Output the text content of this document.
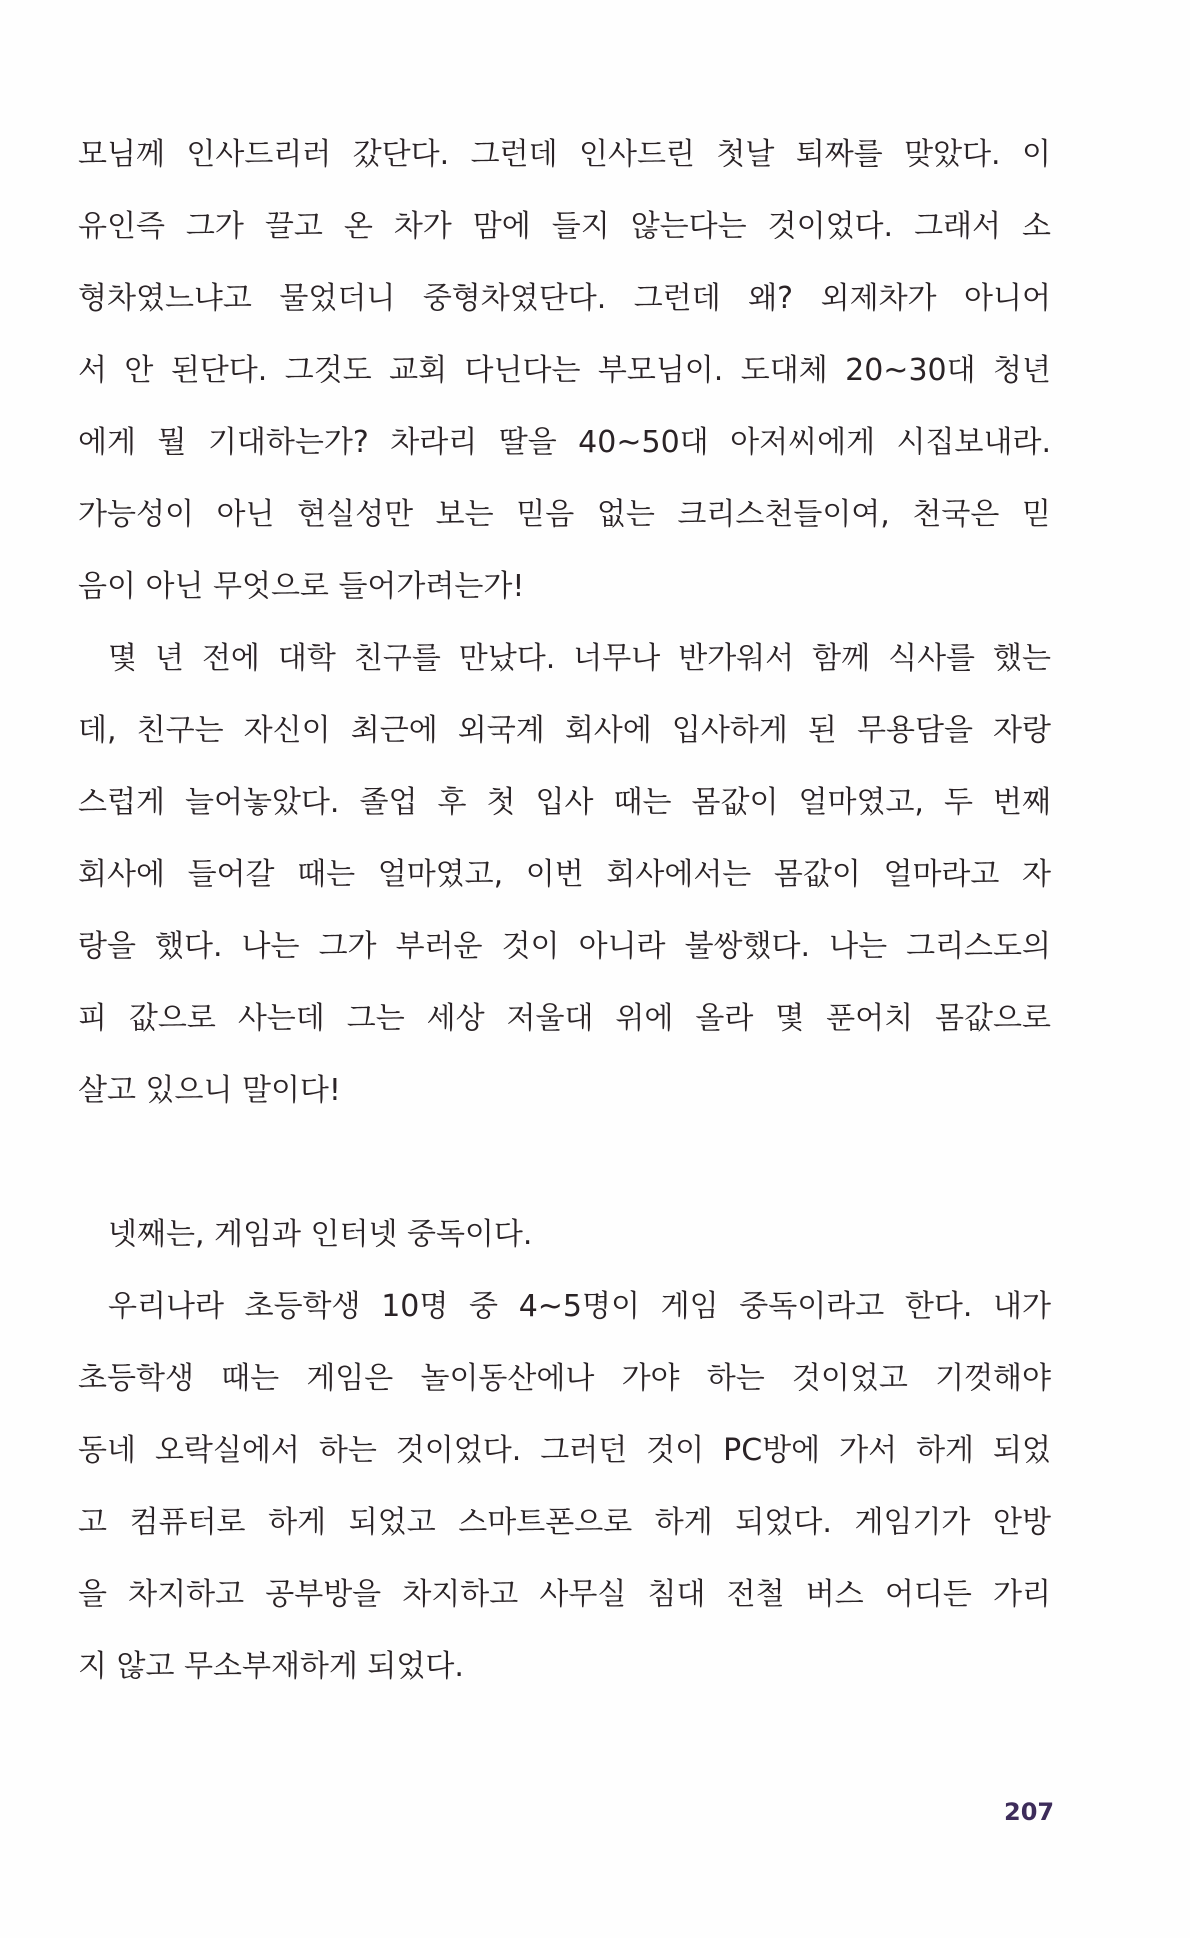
모님께 인사드리러 갔단다. 그런데 인사드린 첫날 퇴짜를 맞았다. 이
유인즉 그가 끌고 온 차가 맘에 들지 않는다는 것이었다. 그래서 소
형차였느냐고 물었더니 중형차였단다. 그런데 왜? 외제차가 아니어
서 안 된단다. 그것도 교회 다닌다는 부모님이. 도대체 20~30대 청년
에게 뭘 기대하는가? 차라리 딸을 40~50대 아저씨에게 시집보내라.
가능성이 아닌 현실성만 보는 믿음 없는 크리스천들이여, 천국은 믿
음이 아닌 무엇으로 들어가려는가!
몇 년 전에 대학 친구를 만났다. 너무나 반가워서 함께 식사를 했는
데, 친구는 자신이 최근에 외국계 회사에 입사하게 된 무용담을 자랑
스럽게 늘어놓았다. 졸업 후 첫 입사 때는 몸값이 얼마였고, 두 번째
회사에 들어갈 때는 얼마였고, 이번 회사에서는 몸값이 얼마라고 자
랑을 했다. 나는 그가 부러운 것이 아니라 불쌍했다. 나는 그리스도의
피 값으로 사는데 그는 세상 저울대 위에 올라 몇 푼어치 몸값으로
살고 있으니 말이다!
넷째는, 게임과 인터넷 중독이다.
우리나라 초등학생 10명 중 4~5명이 게임 중독이라고 한다. 내가
초등학생 때는 게임은 놀이동산에나 가야 하는 것이었고 기껏해야
동네 오락실에서 하는 것이었다. 그러던 것이 PC방에 가서 하게 되었
고 컴퓨터로 하게 되었고 스마트폰으로 하게 되었다. 게임기가 안방
을 차지하고 공부방을 차지하고 사무실 침대 전철 버스 어디든 가리
지 않고 무소부재하게 되었다.
207
